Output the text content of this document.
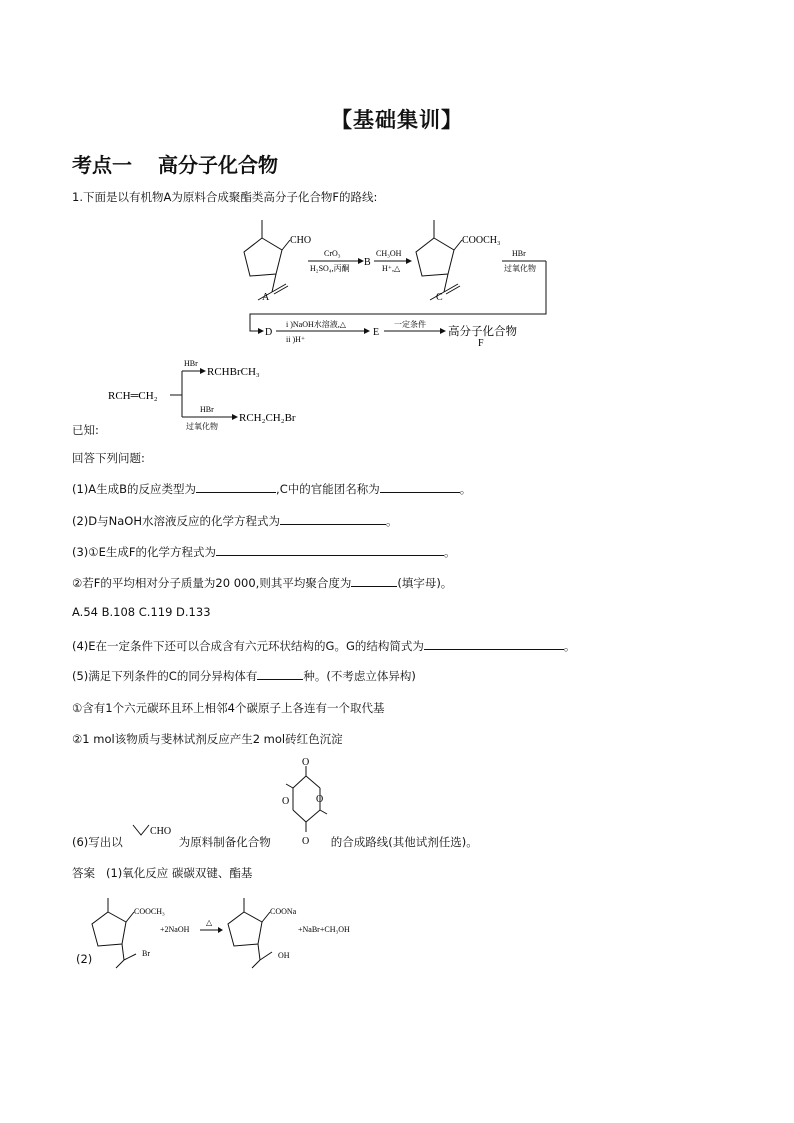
【基础集训】
考点一 高分子化合物
1.下面是以有机物A为原料合成聚酯类高分子化合物F的路线:
CHO
A
CrO₃
H₂SO₄,丙酮
B
CH₃OH
H⁺,△
COOCH₃
C
HBr
过氧化物
D
i )NaOH水溶液,△
ii )H⁺
E
一定条件 高分子化合物
F
RCH═CH₂
HBr
RCHBrCH₃
HBr
过氧化物
RCH₂CH₂Br
已知:
回答下列问题:
(1)A生成B的反应类型为	,C中的官能团名称为	。
(2)D与NaOH水溶液反应的化学方程式为	。
(3)①E生成F的化学方程式为	。
②若F的平均相对分子质量为20 000,则其平均聚合度为	(填字母)。
A.54 B.108 C.119 D.133
(4)E在一定条件下还可以合成含有六元环状结构的G。G的结构简式为	。
(5)满足下列条件的C的同分异构体有	种。(不考虑立体异构)
①含有1个六元碳环且环上相邻4个碳原子上各连有一个取代基
②1 mol该物质与斐林试剂反应产生2 mol砖红色沉淀
CHO
O
O	O
O
(6)写出以	为原料制备化合物	的合成路线(其他试剂任选)。
答案 (1)氧化反应 碳碳双键、酯基
COOCH₃
Br
+2NaOH
△
COONa
OH
+NaBr+CH₃OH
(2)
